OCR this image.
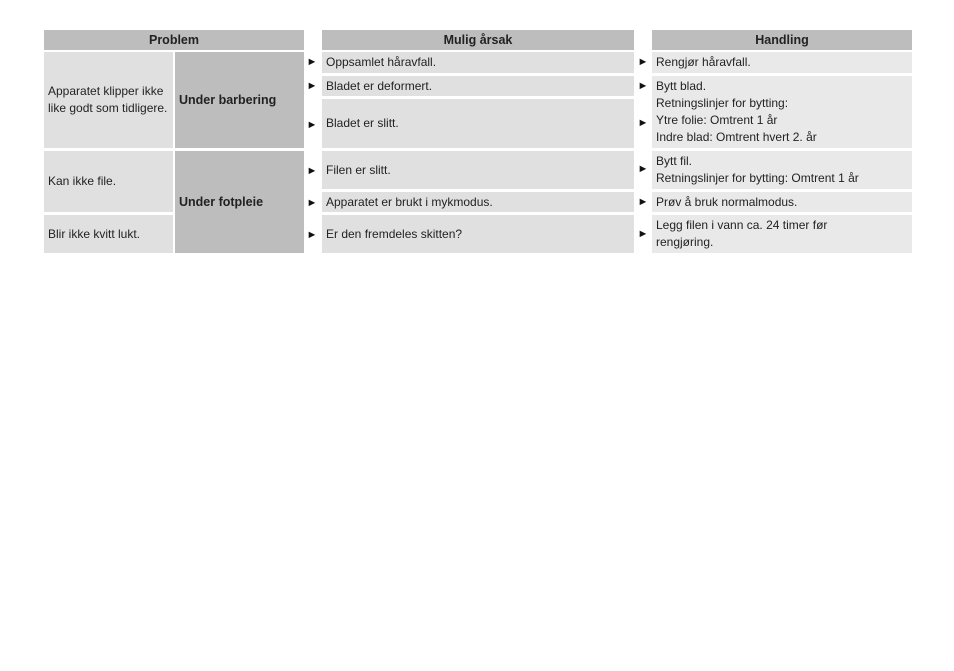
Problem	Mulig årsak	Handling
Apparatet klipper ikke like godt som tidligere.
Kan ikke file.
Blir ikke kvitt lukt.
Under barbering
Under fotpleie
►
►
►
►
►
►
Oppsamlet håravfall.
Bladet er deformert.
Bladet er slitt.
Filen er slitt.
Apparatet er brukt i mykmodus.
Er den fremdeles skitten?
►
►
►
►
►
►
Rengjør håravfall.
Bytt blad.
Retningslinjer for bytting:
Ytre folie: Omtrent 1 år
Indre blad: Omtrent hvert 2. år
Bytt fil.
Retningslinjer for bytting: Omtrent 1 år
Prøv å bruk normalmodus.
Legg filen i vann ca. 24 timer før
rengjøring.
